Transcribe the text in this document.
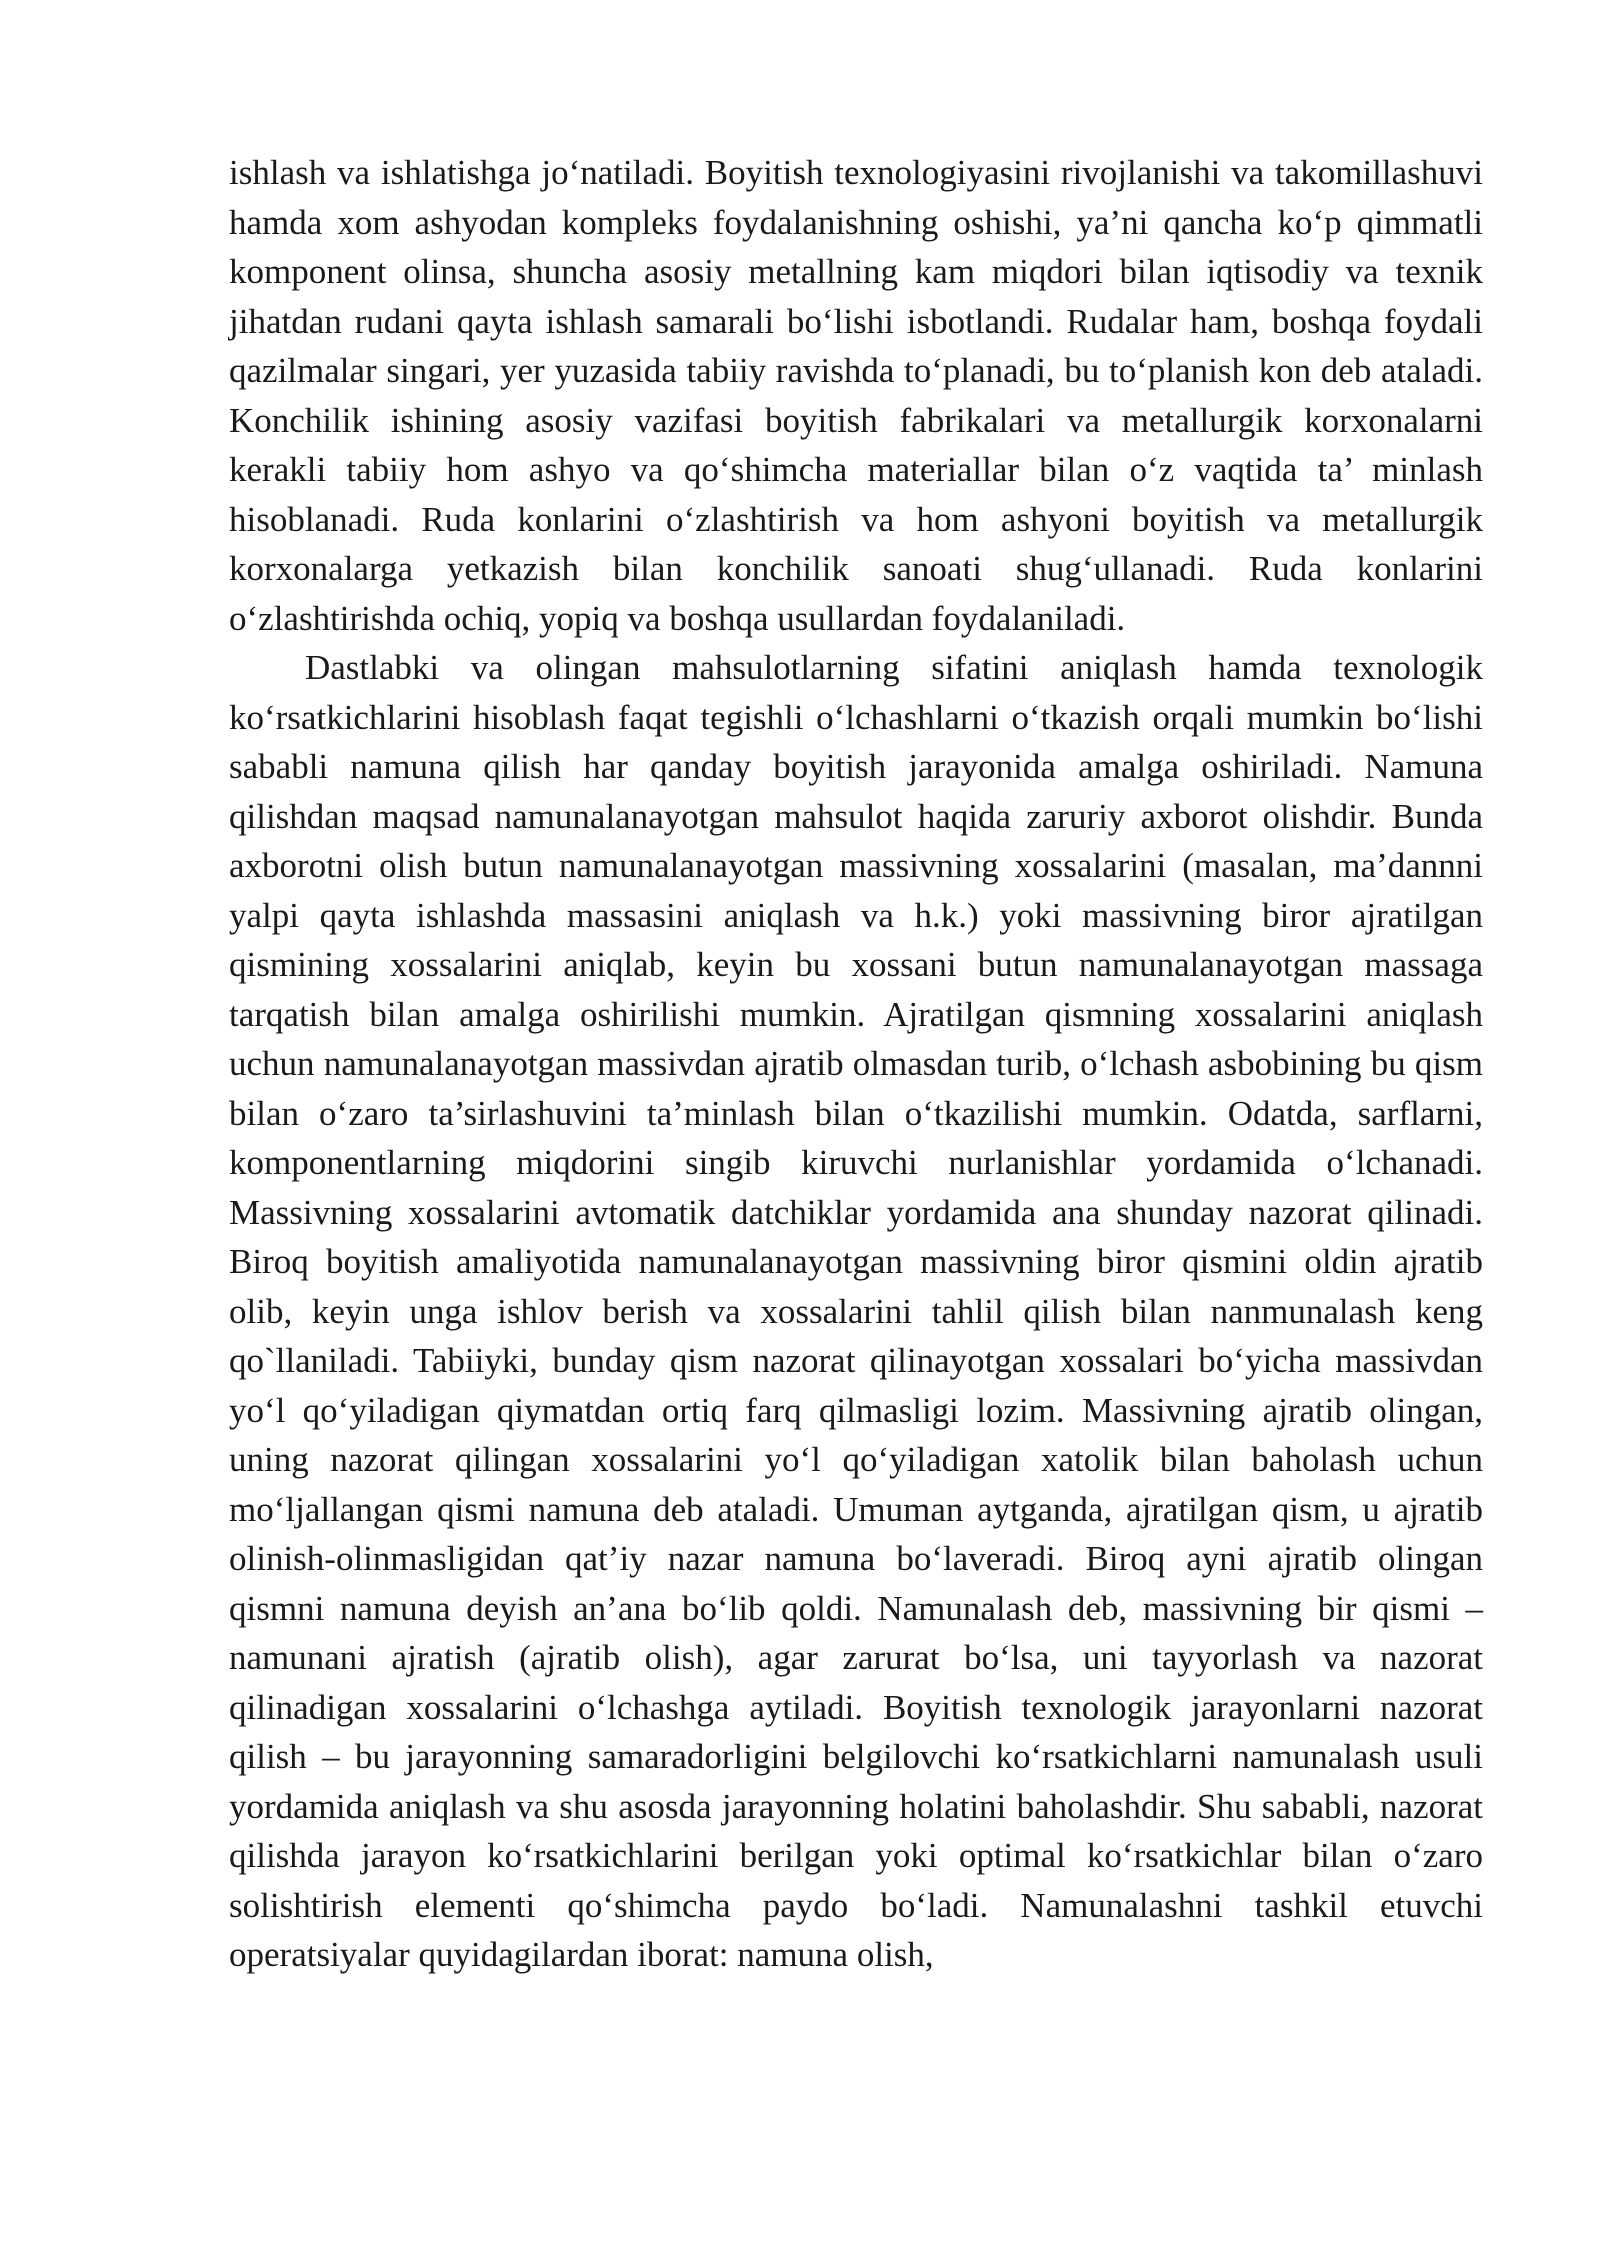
ishlash va ishlatishga jo‘natiladi. Boyitish texnologiyasini rivojlanishi va takomillashuvi hamda xom ashyodan kompleks foydalanishning oshishi, ya’ni qancha ko‘p qimmatli komponent olinsa, shuncha asosiy metallning kam miqdori bilan iqtisodiy va texnik jihatdan rudani qayta ishlash samarali bo‘lishi isbotlandi. Rudalar ham, boshqa foydali qazilmalar singari, yer yuzasida tabiiy ravishda to‘planadi, bu to‘planish kon deb ataladi. Konchilik ishining asosiy vazifasi boyitish fabrikalari va metallurgik korxonalarni kerakli tabiiy hom ashyo va qo‘shimcha materiallar bilan o‘z vaqtida ta’ minlash hisoblanadi. Ruda konlarini o‘zlashtirish va hom ashyoni boyitish va metallurgik korxonalarga yetkazish bilan konchilik sanoati shug‘ullanadi. Ruda konlarini o‘zlashtirishda ochiq, yopiq va boshqa usullardan foydalaniladi.

Dastlabki va olingan mahsulotlarning sifatini aniqlash hamda texnologik ko‘rsatkichlarini hisoblash faqat tegishli o‘lchashlarni o‘tkazish orqali mumkin bo‘lishi sababli namuna qilish har qanday boyitish jarayonida amalga oshiriladi. Namuna qilishdan maqsad namunalanayotgan mahsulot haqida zaruriy axborot olishdir. Bunda axborotni olish butun namunalanayotgan massivning xossalarini (masalan, ma’dannni yalpi qayta ishlashda massasini aniqlash va h.k.) yoki massivning biror ajratilgan qismining xossalarini aniqlab, keyin bu xossani butun namunalanayotgan massaga tarqatish bilan amalga oshirilishi mumkin. Ajratilgan qismning xossalarini aniqlash uchun namunalanayotgan massivdan ajratib olmasdan turib, o‘lchash asbobining bu qism bilan o‘zaro ta’sirlashuvini ta’minlash bilan o‘tkazilishi mumkin. Odatda, sarflarni, komponentlarning miqdorini singib kiruvchi nurlanishlar yordamida o‘lchanadi. Massivning xossalarini avtomatik datchiklar yordamida ana shunday nazorat qilinadi. Biroq boyitish amaliyotida namunalanayotgan massivning biror qismini oldin ajratib olib, keyin unga ishlov berish va xossalarini tahlil qilish bilan nanmunalash keng qo`llaniladi. Tabiiyki, bunday qism nazorat qilinayotgan xossalari bo‘yicha massivdan yo‘l qo‘yiladigan qiymatdan ortiq farq qilmasligi lozim. Massivning ajratib olingan, uning nazorat qilingan xossalarini yo‘l qo‘yiladigan xatolik bilan baholash uchun mo‘ljallangan qismi namuna deb ataladi. Umuman aytganda, ajratilgan qism, u ajratib olinish-olinmasligidan qat’iy nazar namuna bo‘laveradi. Biroq ayni ajratib olingan qismni namuna deyish an’ana bo‘lib qoldi. Namunalash deb, massivning bir qismi – namunani ajratish (ajratib olish), agar zarurat bo‘lsa, uni tayyorlash va nazorat qilinadigan xossalarini o‘lchashga aytiladi. Boyitish texnologik jarayonlarni nazorat qilish – bu jarayonning samaradorligini belgilovchi ko‘rsatkichlarni namunalash usuli yordamida aniqlash va shu asosda jarayonning holatini baholashdir. Shu sababli, nazorat qilishda jarayon ko‘rsatkichlarini berilgan yoki optimal ko‘rsatkichlar bilan o‘zaro solishtirish elementi qo‘shimcha paydo bo‘ladi. Namunalashni tashkil etuvchi operatsiyalar quyidagilardan iborat: namuna olish,
